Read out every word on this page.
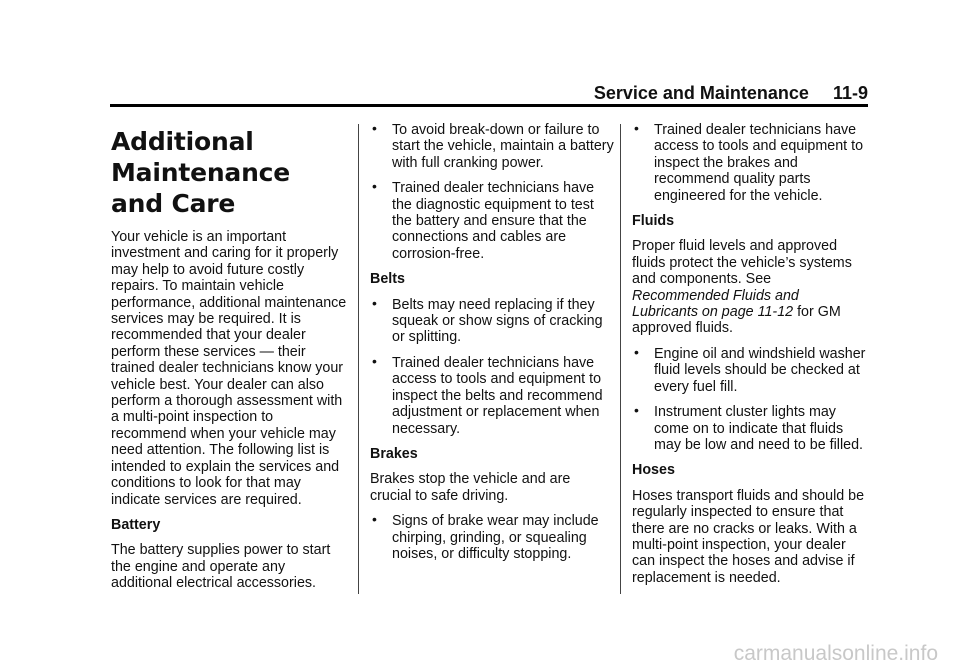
Service and Maintenance 11-9
Additional Maintenance and Care

Your vehicle is an important investment and caring for it properly may help to avoid future costly repairs. To maintain vehicle performance, additional maintenance services may be required. It is recommended that your dealer perform these services — their trained dealer technicians know your vehicle best. Your dealer can also perform a thorough assessment with a multi-point inspection to recommend when your vehicle may need attention. The following list is intended to explain the services and conditions to look for that may indicate services are required.

Battery

The battery supplies power to start the engine and operate any additional electrical accessories.

• To avoid break-down or failure to start the vehicle, maintain a battery with full cranking power.
• Trained dealer technicians have the diagnostic equipment to test the battery and ensure that the connections and cables are corrosion-free.
Belts
• Belts may need replacing if they squeak or show signs of cracking or splitting.
• Trained dealer technicians have access to tools and equipment to inspect the belts and recommend adjustment or replacement when necessary.
Brakes

Brakes stop the vehicle and are crucial to safe driving.

• Signs of brake wear may include chirping, grinding, or squealing noises, or difficulty stopping.
• Trained dealer technicians have access to tools and equipment to inspect the brakes and recommend quality parts engineered for the vehicle.
Fluids

Proper fluid levels and approved fluids protect the vehicle’s systems and components. See Recommended Fluids and Lubricants on page 11-12 for GM approved fluids.

• Engine oil and windshield washer fluid levels should be checked at every fuel fill.
• Instrument cluster lights may come on to indicate that fluids may be low and need to be filled.
Hoses

Hoses transport fluids and should be regularly inspected to ensure that there are no cracks or leaks. With a multi-point inspection, your dealer can inspect the hoses and advise if replacement is needed.

carmanualsonline.info
